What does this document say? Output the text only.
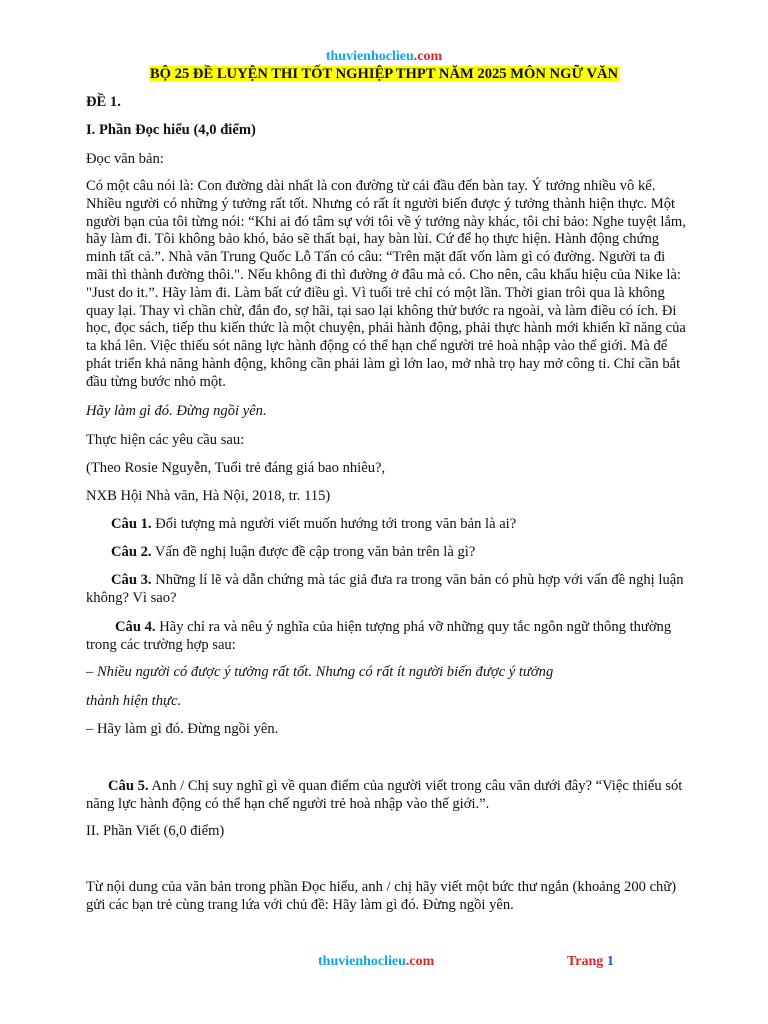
thuvienhoclieu.com
BỘ 25 ĐỀ LUYỆN THI TỐT NGHIỆP THPT NĂM 2025 MÔN NGỮ VĂN

ĐỀ 1.

I. Phần Đọc hiểu (4,0 điểm)

Đọc văn bản:

Có một câu nói là: Con đường dài nhất là con đường từ cái đầu đến bàn tay. Ý tưởng nhiều vô kể. Nhiều người có những ý tưởng rất tốt. Nhưng có rất ít người biến được ý tưởng thành hiện thực. Một người bạn của tôi từng nói: “Khi ai đó tâm sự với tôi về ý tưởng này khác, tôi chỉ bảo: Nghe tuyệt lắm, hãy làm đi. Tôi không bảo khó, bảo sẽ thất bại, hay bàn lùi. Cứ để họ thực hiện. Hành động chứng minh tất cả.”. Nhà văn Trung Quốc Lỗ Tấn có câu: “Trên mặt đất vốn làm gì có đường. Người ta đi mãi thì thành đường thôi.". Nếu không đi thì đường ở đâu mà có. Cho nên, câu khẩu hiệu của Nike là: "Just do it.”. Hãy làm đi. Làm bất cứ điều gì. Vì tuổi trẻ chỉ có một lần. Thời gian trôi qua là không quay lại. Thay vì chần chừ, đắn đo, sợ hãi, tại sao lại không thử bước ra ngoài, và làm điều có ích. Đi học, đọc sách, tiếp thu kiến thức là một chuyện, phải hành động, phải thực hành mới khiến kĩ năng của ta khá lên. Việc thiếu sót năng lực hành động có thể hạn chế người trẻ hoà nhập vào thế giới. Mà để phát triển khả năng hành động, không cần phải làm gì lớn lao, mở nhà trọ hay mở công ti. Chỉ cần bắt đầu từng bước nhỏ một.

Hãy làm gì đó. Đừng ngồi yên.

Thực hiện các yêu cầu sau:

(Theo Rosie Nguyễn, Tuổi trẻ đáng giá bao nhiêu?,

NXB Hội Nhà văn, Hà Nội, 2018, tr. 115)

Câu 1. Đối tượng mà người viết muốn hướng tới trong văn bản là ai?

Câu 2. Vấn đề nghị luận được đề cập trong văn bản trên là gì?

Câu 3. Những lí lẽ và dẫn chứng mà tác giả đưa ra trong văn bản có phù hợp với vấn đề nghị luận không? Vì sao?

Câu 4. Hãy chỉ ra và nêu ý nghĩa của hiện tượng phá vỡ những quy tắc ngôn ngữ thông thường trong các trường hợp sau:

– Nhiều người có được ý tưởng rất tốt. Nhưng có rất ít người biến được ý tưởng

thành hiện thực.

– Hãy làm gì đó. Đừng ngồi yên.

Câu 5. Anh / Chị suy nghĩ gì về quan điểm của người viết trong câu văn dưới đây? “Việc thiếu sót năng lực hành động có thể hạn chế người trẻ hoà nhập vào thế giới.”.

II. Phần Viết (6,0 điểm)

Từ nội dung của văn bản trong phần Đọc hiểu, anh / chị hãy viết một bức thư ngắn (khoảng 200 chữ) gửi các bạn trẻ cùng trang lứa với chủ đề: Hãy làm gì đó. Đừng ngồi yên.

thuvienhoclieu.com	Trang 1
